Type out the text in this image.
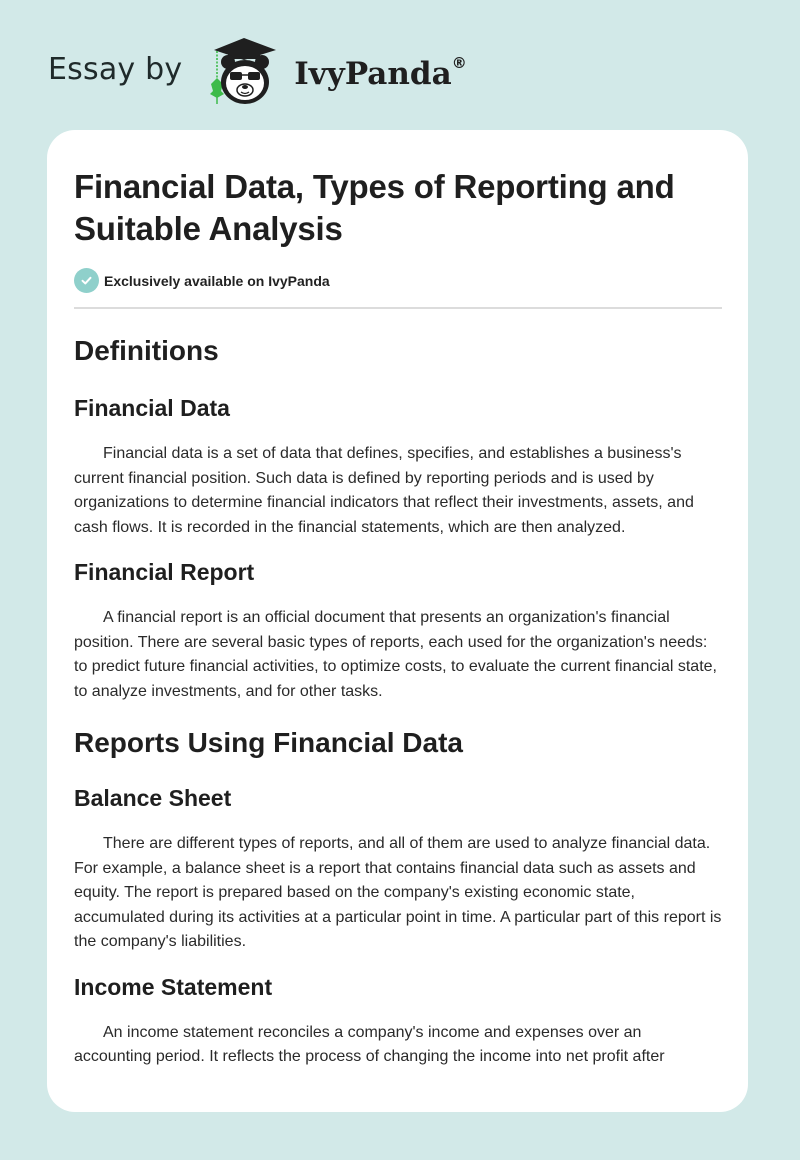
Essay by	IvyPanda®
Financial Data, Types of Reporting and Suitable Analysis
Exclusively available on IvyPanda
Definitions
Financial Data

Financial data is a set of data that defines, specifies, and establishes a business's current financial position. Such data is defined by reporting periods and is used by organizations to determine financial indicators that reflect their investments, assets, and cash flows. It is recorded in the financial statements, which are then analyzed.

Financial Report

A financial report is an official document that presents an organization's financial position. There are several basic types of reports, each used for the organization's needs: to predict future financial activities, to optimize costs, to evaluate the current financial state, to analyze investments, and for other tasks.

Reports Using Financial Data
Balance Sheet

There are different types of reports, and all of them are used to analyze financial data. For example, a balance sheet is a report that contains financial data such as assets and equity. The report is prepared based on the company's existing economic state, accumulated during its activities at a particular point in time. A particular part of this report is the company's liabilities.

Income Statement

An income statement reconciles a company's income and expenses over an accounting period. It reflects the process of changing the income into net profit after
